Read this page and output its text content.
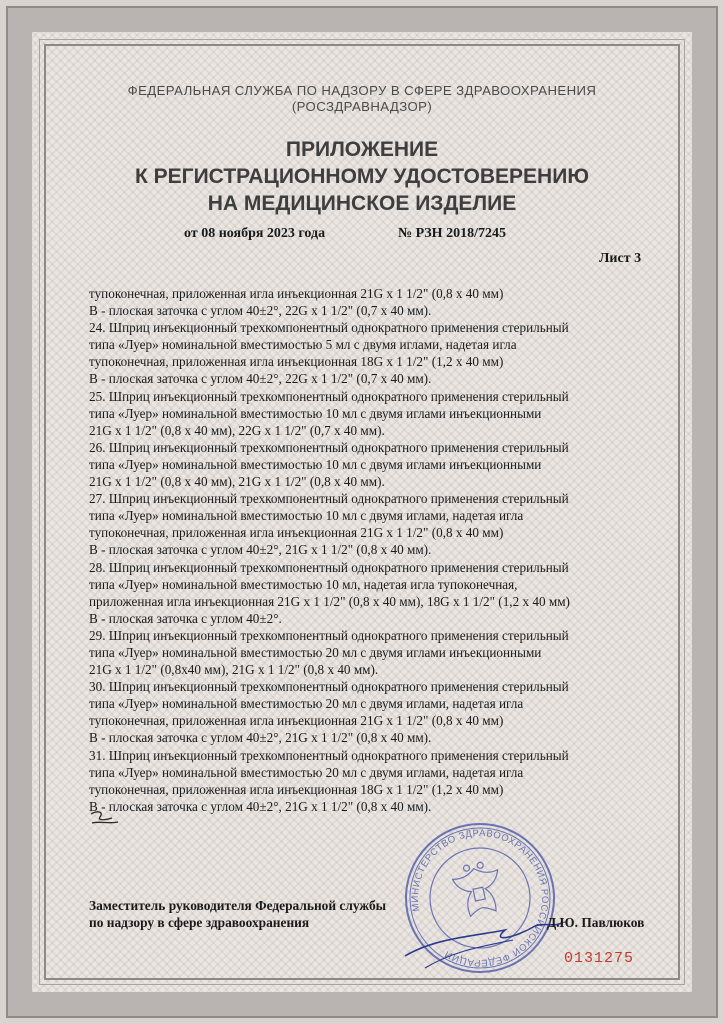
ФЕДЕРАЛЬНАЯ СЛУЖБА ПО НАДЗОРУ В СФЕРЕ ЗДРАВООХРАНЕНИЯ
(РОСЗДРАВНАДЗОР)
ПРИЛОЖЕНИЕ
К РЕГИСТРАЦИОННОМУ УДОСТОВЕРЕНИЮ
НА МЕДИЦИНСКОЕ ИЗДЕЛИЕ
от 08 ноября 2023 года	№ РЗН 2018/7245
Лист 3
тупоконечная, приложенная игла инъекционная 21G x 1 1/2" (0,8 x 40 мм)
В - плоская заточка с углом 40±2°, 22G x 1 1/2" (0,7 x 40 мм).
24. Шприц инъекционный трехкомпонентный однократного применения стерильный
типа «Луер» номинальной вместимостью 5 мл с двумя иглами, надетая игла
тупоконечная, приложенная игла инъекционная 18G x 1 1/2" (1,2 x 40 мм)
В - плоская заточка с углом 40±2°, 22G x 1 1/2" (0,7 x 40 мм).
25. Шприц инъекционный трехкомпонентный однократного применения стерильный
типа «Луер» номинальной вместимостью 10 мл с двумя иглами инъекционными
21G x 1 1/2" (0,8 x 40 мм), 22G x 1 1/2" (0,7 x 40 мм).
26. Шприц инъекционный трехкомпонентный однократного применения стерильный
типа «Луер» номинальной вместимостью 10 мл с двумя иглами инъекционными
21G x 1 1/2" (0,8 x 40 мм), 21G x 1 1/2" (0,8 x 40 мм).
27. Шприц инъекционный трехкомпонентный однократного применения стерильный
типа «Луер» номинальной вместимостью 10 мл с двумя иглами, надетая игла
тупоконечная, приложенная игла инъекционная 21G x 1 1/2" (0,8 x 40 мм)
В - плоская заточка с углом 40±2°, 21G x 1 1/2" (0,8 x 40 мм).
28. Шприц инъекционный трехкомпонентный однократного применения стерильный
типа «Луер» номинальной вместимостью 10 мл, надетая игла тупоконечная,
приложенная игла инъекционная 21G x 1 1/2" (0,8 x 40 мм), 18G x 1 1/2" (1,2 x 40 мм)
В - плоская заточка с углом 40±2°.
29. Шприц инъекционный трехкомпонентный однократного применения стерильный
типа «Луер» номинальной вместимостью 20 мл с двумя иглами инъекционными
21G x 1 1/2" (0,8x40 мм), 21G x 1 1/2" (0,8 x 40 мм).
30. Шприц инъекционный трехкомпонентный однократного применения стерильный
типа «Луер» номинальной вместимостью 20 мл с двумя иглами, надетая игла
тупоконечная, приложенная игла инъекционная 21G x 1 1/2" (0,8 x 40 мм)
В - плоская заточка с углом 40±2°, 21G x 1 1/2" (0,8 x 40 мм).
31. Шприц инъекционный трехкомпонентный однократного применения стерильный
типа «Луер» номинальной вместимостью 20 мл с двумя иглами, надетая игла
тупоконечная, приложенная игла инъекционная 18G x 1 1/2" (1,2 x 40 мм)
В - плоская заточка с углом 40±2°, 21G x 1 1/2" (0,8 x 40 мм).
МИНИСТЕРСТВО ЗДРАВООХРАНЕНИЯ РОССИЙСКОЙ ФЕДЕРАЦИИ
Заместитель руководителя Федеральной службы
по надзору в сфере здравоохранения	Д.Ю. Павлюков
0131275
